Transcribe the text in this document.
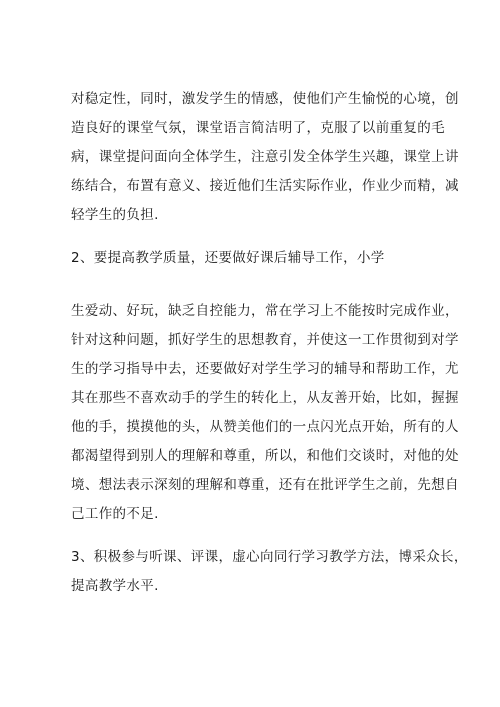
对稳定性，同时，激发学生的情感，使他们产生愉悦的心境，创
造良好的课堂气氛，课堂语言简洁明了，克服了以前重复的毛
病，课堂提问面向全体学生，注意引发全体学生兴趣，课堂上讲
练结合，布置有意义、接近他们生活实际作业，作业少而精，减
轻学生的负担.
2、要提高教学质量，还要做好课后辅导工作，小学
生爱动、好玩，缺乏自控能力，常在学习上不能按时完成作业，
针对这种问题，抓好学生的思想教育，并使这一工作贯彻到对学
生的学习指导中去，还要做好对学生学习的辅导和帮助工作，尤
其在那些不喜欢动手的学生的转化上，从友善开始，比如，握握
他的手，摸摸他的头，从赞美他们的一点闪光点开始，所有的人
都渴望得到别人的理解和尊重，所以，和他们交谈时，对他的处
境、想法表示深刻的理解和尊重，还有在批评学生之前，先想自
己工作的不足.
3、积极参与听课、评课，虚心向同行学习教学方法，博采众长，
提高教学水平.
